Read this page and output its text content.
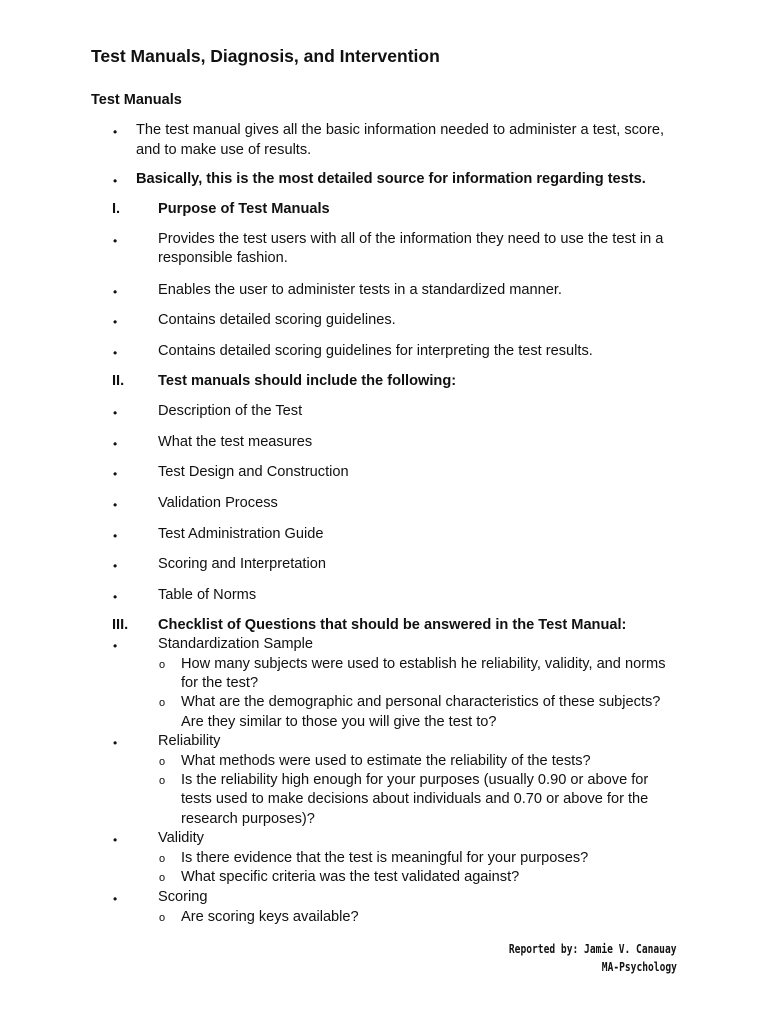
Test Manuals, Diagnosis, and Intervention
Test Manuals
• The test manual gives all the basic information needed to administer a test, score,
and to make use of results.
• Basically, this is the most detailed source for information regarding tests.
I.	Purpose of Test Manuals
•	Provides the test users with all of the information they need to use the test in a
responsible fashion.
•	Enables the user to administer tests in a standardized manner.
•	Contains detailed scoring guidelines.
•	Contains detailed scoring guidelines for interpreting the test results.
II. Test manuals should include the following:
•	Description of the Test
•	What the test measures
•	Test Design and Construction
•	Validation Process
•	Test Administration Guide
•	Scoring and Interpretation
•	Table of Norms
III. Checklist of Questions that should be answered in the Test Manual:
•	Standardization Sample
o How many subjects were used to establish he reliability, validity, and norms
for the test?
o What are the demographic and personal characteristics of these subjects?
Are they similar to those you will give the test to?
•	Reliability
o What methods were used to estimate the reliability of the tests?
o Is the reliability high enough for your purposes (usually 0.90 or above for
tests used to make decisions about individuals and 0.70 or above for the
research purposes)?
•	Validity
o Is there evidence that the test is meaningful for your purposes?
o What specific criteria was the test validated against?
•	Scoring
o Are scoring keys available?
Reported by: Jamie V. Canauay
MA-Psychology
